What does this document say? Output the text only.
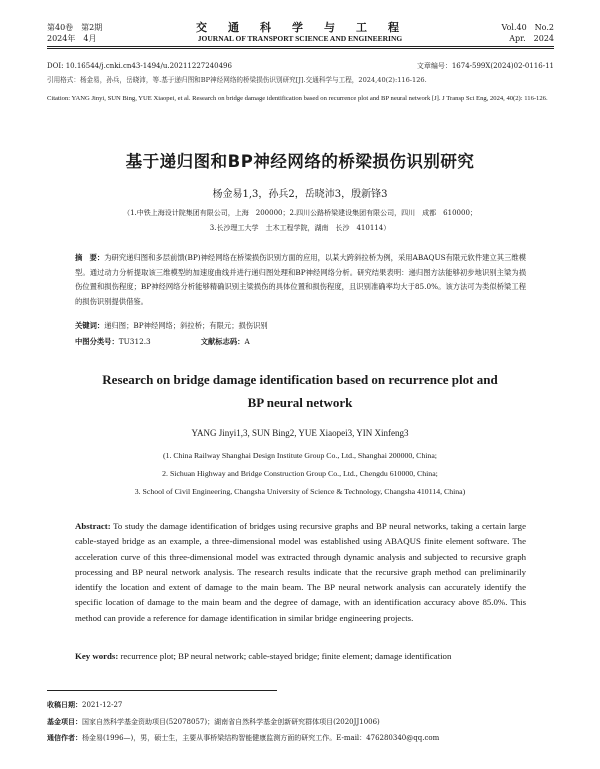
第40卷　第2期
2024年　4月
交　通　科　学　与　工　程
JOURNAL OF TRANSPORT SCIENCE AND ENGINEERING
Vol.40　No.2
Apr.　2024
DOI: 10.16544/j.cnki.cn43-1494/u.20211227240496	文章编号：1674-599X(2024)02-0116-11
引用格式：杨金易，孙兵，岳晓沛，等.基于递归图和BP神经网络的桥梁损伤识别研究[J].交通科学与工程，2024,40(2):116-126.
Citation: YANG Jinyi, SUN Bing, YUE Xiaopei, et al. Research on bridge damage identification based on recurrence plot and BP neural network [J]. J Transp Sci Eng, 2024, 40(2): 116-126.
基于递归图和BP神经网络的桥梁损伤识别研究
杨金易1,3，孙兵2，岳晓沛3，殷新锋3
（1.中铁上海设计院集团有限公司，上海　200000；2.四川公路桥梁建设集团有限公司，四川　成都　610000；
3.长沙理工大学　土木工程学院，湖南　长沙　410114）
摘　要：为研究递归图和多层前馈(BP)神经网络在桥梁损伤识别方面的应用，以某大跨斜拉桥为例，采用ABAQUS有限元软件建立其三维模型。通过动力分析提取该三维模型的加速度曲线并进行递归图处理和BP神经网络分析。研究结果表明：递归图方法能够初步地识别主梁为损伤位置和损伤程度；BP神经网络分析能够精确识别主梁损伤的具体位置和损伤程度，且识别准确率均大于85.0%。该方法可为类似桥梁工程的损伤识别提供借鉴。
关键词：递归图；BP神经网络；斜拉桥；有限元；损伤识别
中图分类号：TU312.3	文献标志码：A
Research on bridge damage identification based on recurrence plot and
BP neural network
YANG Jinyi1,3, SUN Bing2, YUE Xiaopei3, YIN Xinfeng3
(1. China Railway Shanghai Design Institute Group Co., Ltd., Shanghai 200000, China;
2. Sichuan Highway and Bridge Construction Group Co., Ltd., Chengdu 610000, China;
3. School of Civil Engineering, Changsha University of Science & Technology, Changsha 410114, China)
Abstract: To study the damage identification of bridges using recursive graphs and BP neural networks, taking a certain large cable-stayed bridge as an example, a three-dimensional model was established using ABAQUS finite element software. The acceleration curve of this three-dimensional model was extracted through dynamic analysis and subjected to recursive graph processing and BP neural network analysis. The research results indicate that the recursive graph method can preliminarily identify the location and extent of damage to the main beam. The BP neural network analysis can accurately identify the specific location of damage to the main beam and the degree of damage, with an identification accuracy above 85.0%. This method can provide a reference for damage identification in similar bridge engineering projects.
Key words: recurrence plot; BP neural network; cable-stayed bridge; finite element; damage identification
收稿日期：2021-12-27
基金项目：国家自然科学基金资助项目(52078057)；湖南省自然科学基金创新研究群体项目(2020JJ1006)
通信作者：杨金易(1996—)，男，硕士生，主要从事桥梁结构智能健康监测方面的研究工作。E-mail：476280340@qq.com
